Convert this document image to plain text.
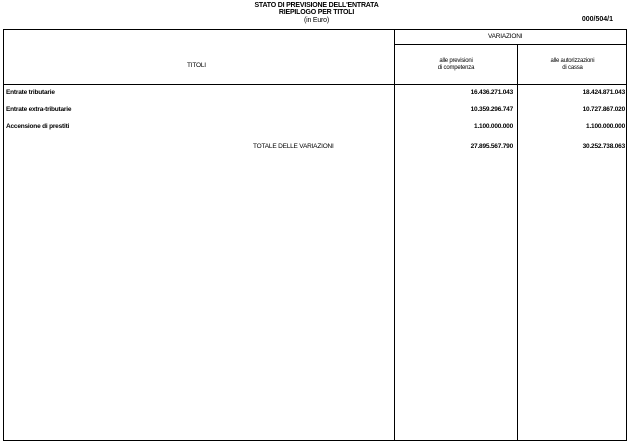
STATO DI PREVISIONE DELL'ENTRATA
RIEPILOGO PER TITOLI
(in Euro)	000/504/1
TITOLI
VARIAZIONI
alle previsioni
di competenza
alle autorizzazioni
di cassa
Entrate tributarie	16.436.271.043	18.424.871.043
Entrate extra-tributarie	10.359.296.747	10.727.867.020
Accensione di prestiti	1.100.000.000	1.100.000.000
TOTALE DELLE VARIAZIONI	27.895.567.790	30.252.738.063
